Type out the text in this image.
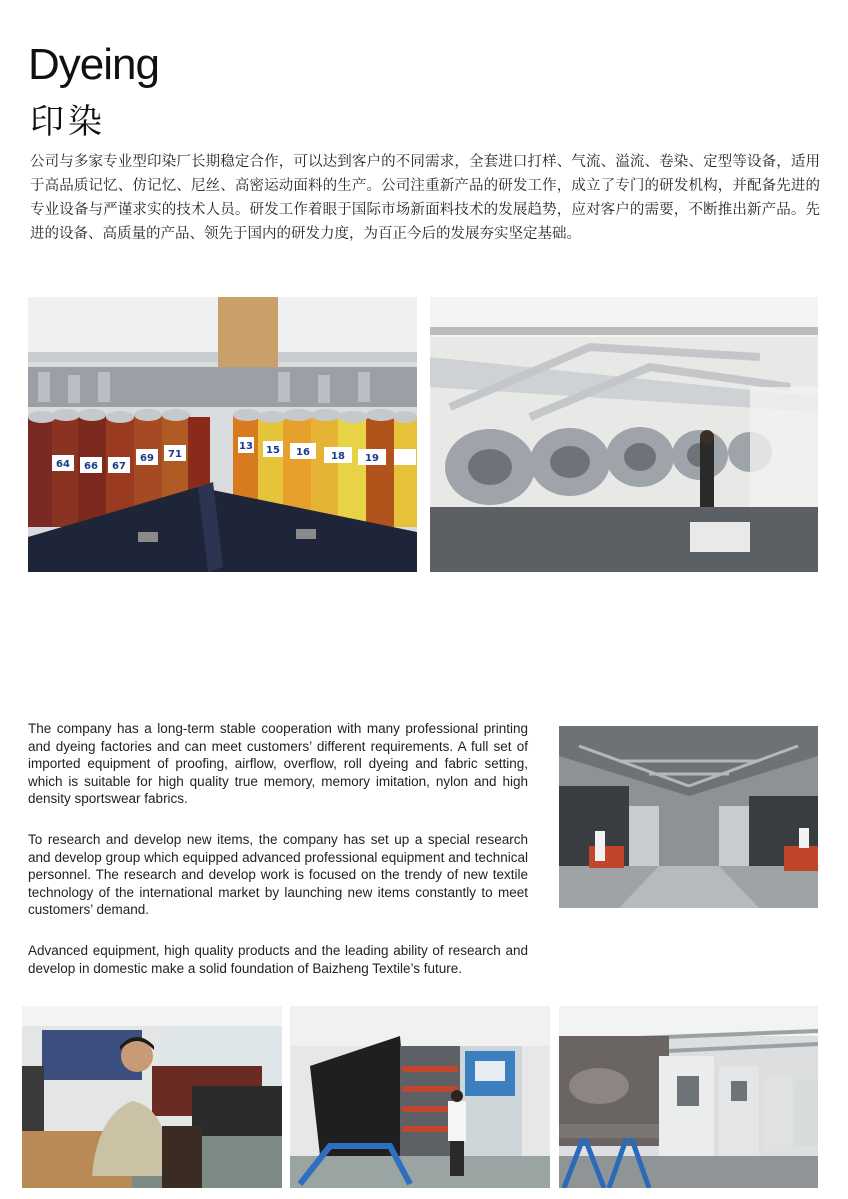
Dyeing
印染

公司与多家专业型印染厂长期稳定合作，可以达到客户的不同需求，全套进口打样、气流、溢流、卷染、定型等设备，适用于高品质记忆、仿记忆、尼丝、高密运动面料的生产。公司注重新产品的研发工作，成立了专门的研发机构，并配备先进的专业设备与严谨求实的技术人员。研发工作着眼于国际市场新面料技术的发展趋势，应对客户的需要，不断推出新产品。先进的设备、高质量的产品、领先于国内的研发力度，为百正今后的发展夯实坚定基础。

64 66 67
69 71
13 15 16 18 19

The company has a long-term stable cooperation with many professional printing and dyeing factories and can meet customers’ different requirements. A full set of imported equipment of proofing, airflow, overflow, roll dyeing and fabric setting, which is suitable for high quality true memory, memory imitation, nylon and high density sportswear fabrics.

To research and develop new items, the company has set up a special research and develop group which equipped advanced professional equipment and technical personnel. The research and develop work is focused on the trendy of new textile technology of the international market by launching new items constantly to meet customers’ demand.

Advanced equipment, high quality products and the leading ability of research and develop in domestic make a solid foundation of Baizheng Textile’s future.
